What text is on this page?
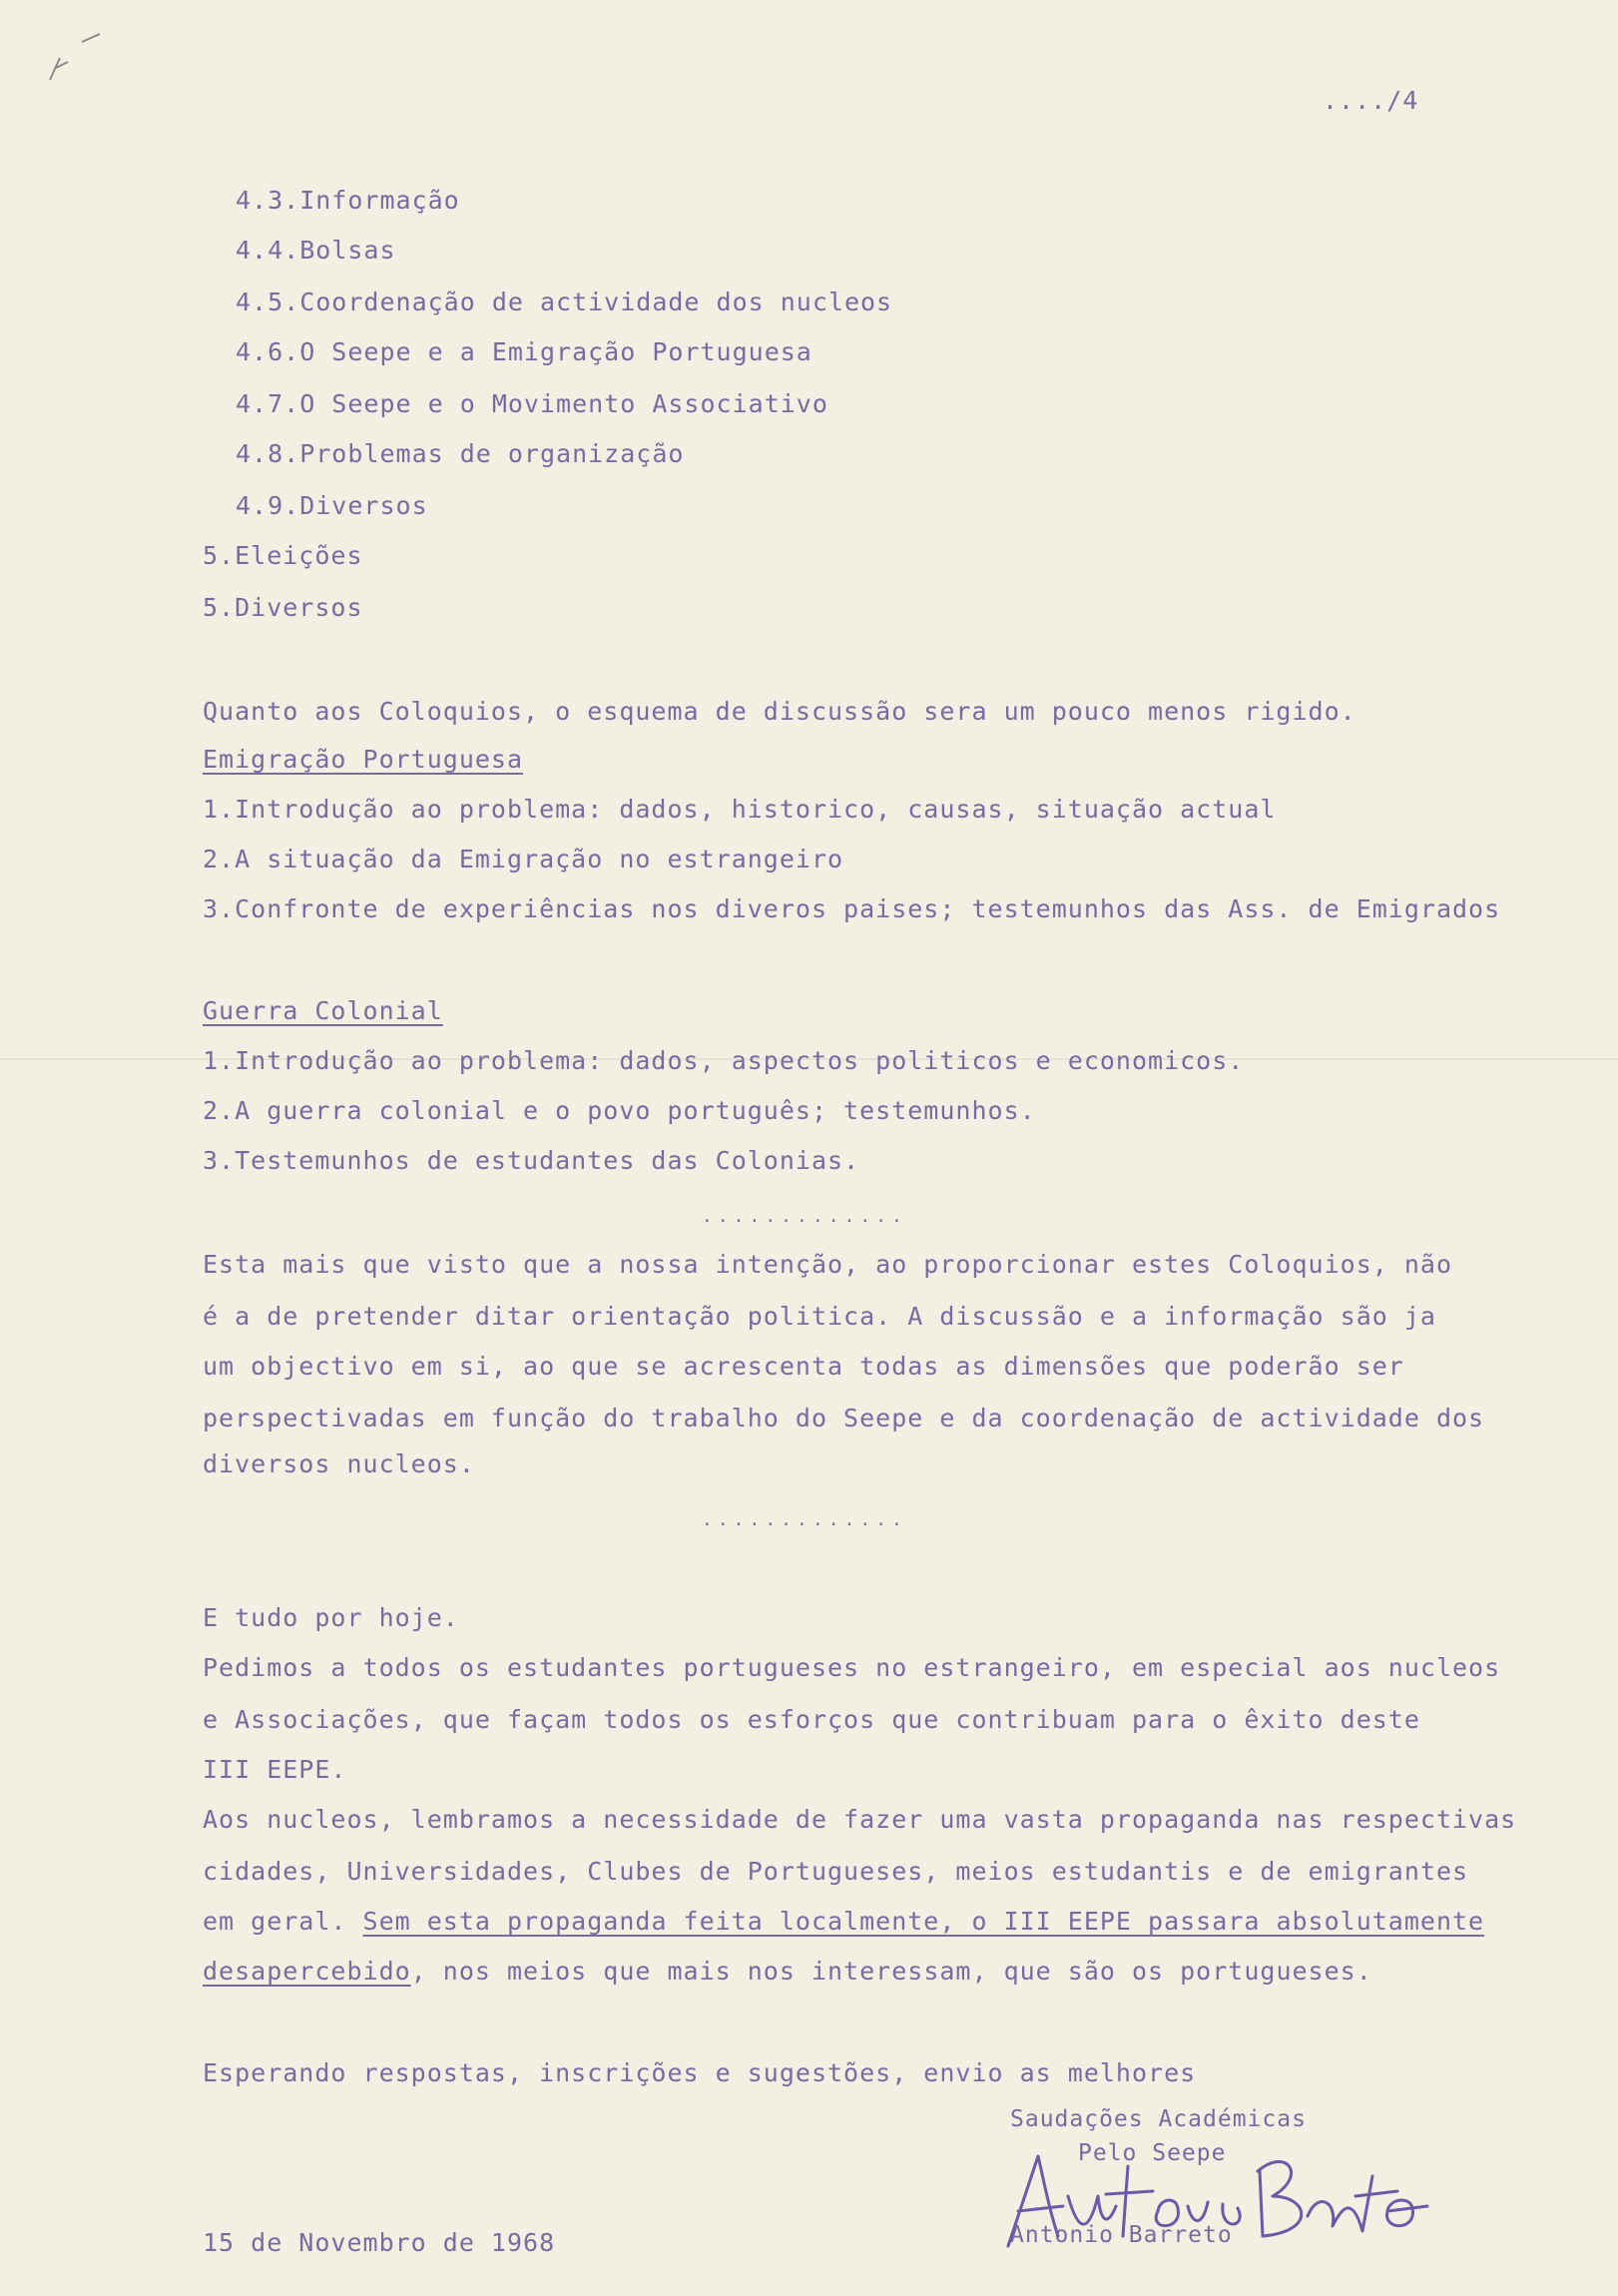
..../4
4.3.Informação
4.4.Bolsas
4.5.Coordenação de actividade dos nucleos
4.6.O Seepe e a Emigração Portuguesa
4.7.O Seepe e o Movimento Associativo
4.8.Problemas de organização
4.9.Diversos
5.Eleições
5.Diversos
Quanto aos Coloquios, o esquema de discussão sera um pouco menos rigido.
Emigração Portuguesa
1.Introdução ao problema: dados, historico, causas, situação actual
2.A situação da Emigração no estrangeiro
3.Confronte de experiências nos diveros paises; testemunhos das Ass. de Emigrados
Guerra Colonial
1.Introdução ao problema: dados, aspectos politicos e economicos.
2.A guerra colonial e o povo português; testemunhos.
3.Testemunhos de estudantes das Colonias.
.............
Esta mais que visto que a nossa intenção, ao proporcionar estes Coloquios, não
é a de pretender ditar orientação politica. A discussão e a informação são ja
um objectivo em si, ao que se acrescenta todas as dimensões que poderão ser
perspectivadas em função do trabalho do Seepe e da coordenação de actividade dos
diversos nucleos.
.............
E tudo por hoje.
Pedimos a todos os estudantes portugueses no estrangeiro, em especial aos nucleos
e Associações, que façam todos os esforços que contribuam para o êxito deste
III EEPE.
Aos nucleos, lembramos a necessidade de fazer uma vasta propaganda nas respectivas
cidades, Universidades, Clubes de Portugueses, meios estudantis e de emigrantes
em geral. Sem esta propaganda feita localmente, o III EEPE passara absolutamente
desapercebido, nos meios que mais nos interessam, que são os portugueses.
Esperando respostas, inscrições e sugestões, envio as melhores
Saudações Académicas
Pelo Seepe
Antonio Barreto
15 de Novembro de 1968
